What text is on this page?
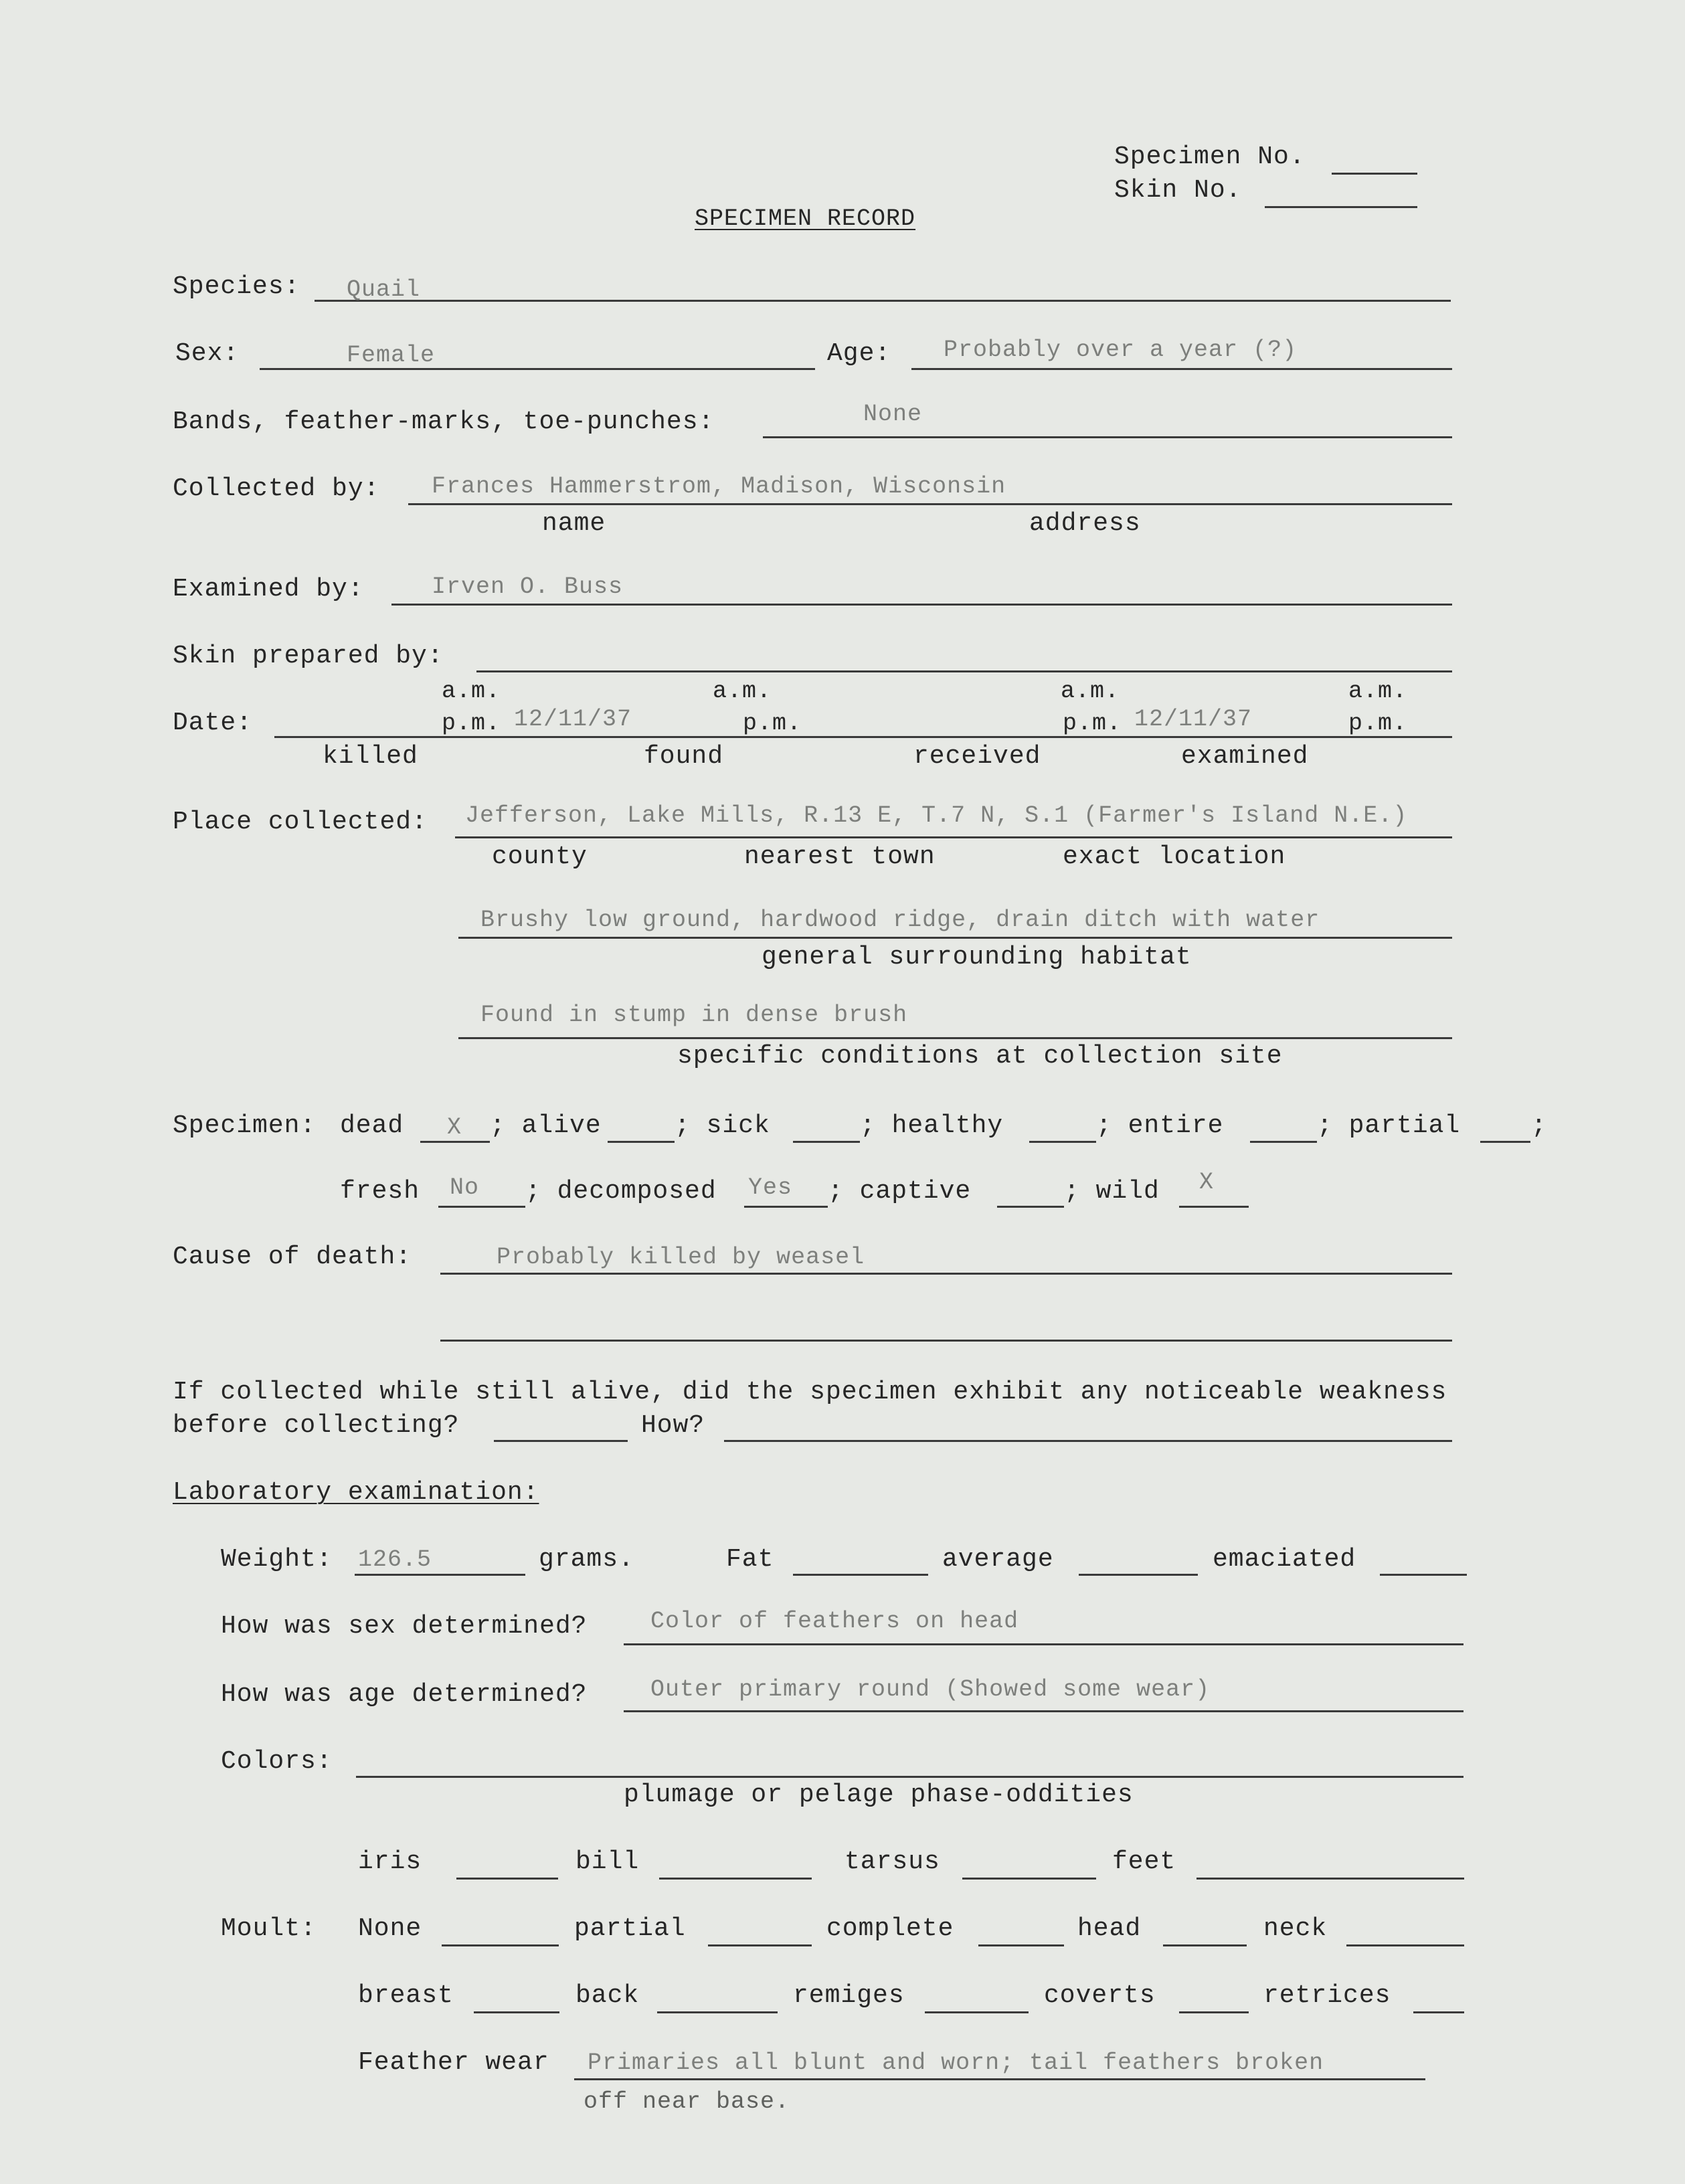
Specimen No.
Skin No.
SPECIMEN RECORD
Species: Quail
Sex:	Female	Age: Probably over a year (?)
Bands, feather-marks, toe-punches:	None
Collected by: Frances Hammerstrom, Madison, Wisconsin
name	address
Examined by:	Irven O. Buss
Skin prepared by:
a.m.	a.m.	a.m.	a.m.
Date:	p.m. 12/11/37	p.m.	p.m. 12/11/37	p.m.
killed	found	received	examined
Place collected: Jefferson, Lake Mills, R.13 E, T.7 N, S.1 (Farmer's Island N.E.)
county	nearest town	exact location
Brushy low ground, hardwood ridge, drain ditch with water
general surrounding habitat
Found in stump in dense brush
specific conditions at collection site
Specimen: dead X ; alive	; sick	; healthy	; entire	; partial	;
fresh No ; decomposed Yes ; captive	; wild X
Cause of death:	Probably killed by weasel
If collected while still alive, did the specimen exhibit any noticeable weakness
before collecting?	How?
Laboratory examination:
Weight: 126.5	grams.	Fat	average	emaciated
How was sex determined?	Color of feathers on head
How was age determined?	Outer primary round (Showed some wear)
Colors:
plumage or pelage phase-oddities
iris	bill	tarsus	feet
Moult: None	partial	complete	head	neck
breast	back	remiges	coverts	retrices
Feather wear Primaries all blunt and worn; tail feathers broken
off near base.
